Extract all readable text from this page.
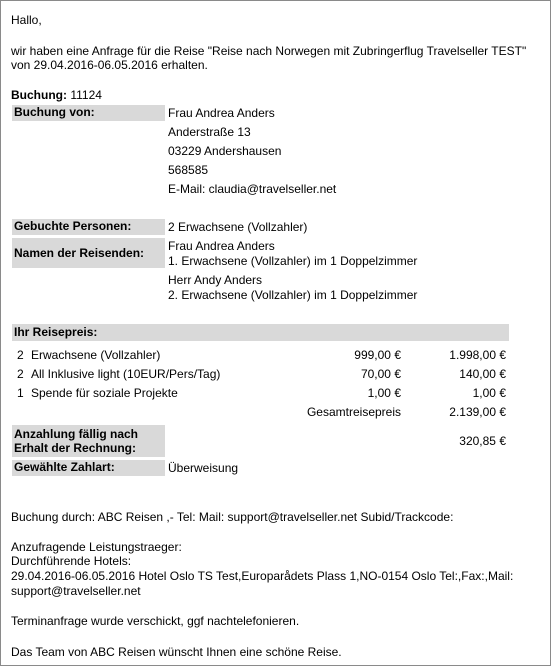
Hallo,
wir haben eine Anfrage für die Reise "Reise nach Norwegen mit Zubringerflug Travelseller TEST"
von 29.04.2016-06.05.2016 erhalten.
Buchung: 11124
Buchung von:	Frau Andrea Anders
Anderstraße 13
03229 Andershausen
568585
E-Mail: claudia@travelseller.net
Gebuchte Personen:	2 Erwachsene (Vollzahler)
Namen der Reisenden:	Frau Andrea Anders
1. Erwachsene (Vollzahler) im 1 Doppelzimmer
Herr Andy Anders
2. Erwachsene (Vollzahler) im 1 Doppelzimmer
Ihr Reisepreis:
2 Erwachsene (Vollzahler)	999,00 €	1.998,00 €
2 All Inklusive light (10EUR/Pers/Tag)	70,00 €	140,00 €
1 Spende für soziale Projekte	1,00 €	1,00 €
Gesamtreisepreis	2.139,00 €
Anzahlung fällig nach
Erhalt der Rechnung:	320,85 €
Gewählte Zahlart:	Überweisung
Buchung durch: ABC Reisen ,- Tel: Mail: support@travelseller.net Subid/Trackcode:
Anzufragende Leistungstraeger:
Durchführende Hotels:
29.04.2016-06.05.2016 Hotel Oslo TS Test,Europarådets Plass 1,NO-0154 Oslo Tel:,Fax:,Mail:
support@travelseller.net
Terminanfrage wurde verschickt, ggf nachtelefonieren.
Das Team von ABC Reisen wünscht Ihnen eine schöne Reise.
